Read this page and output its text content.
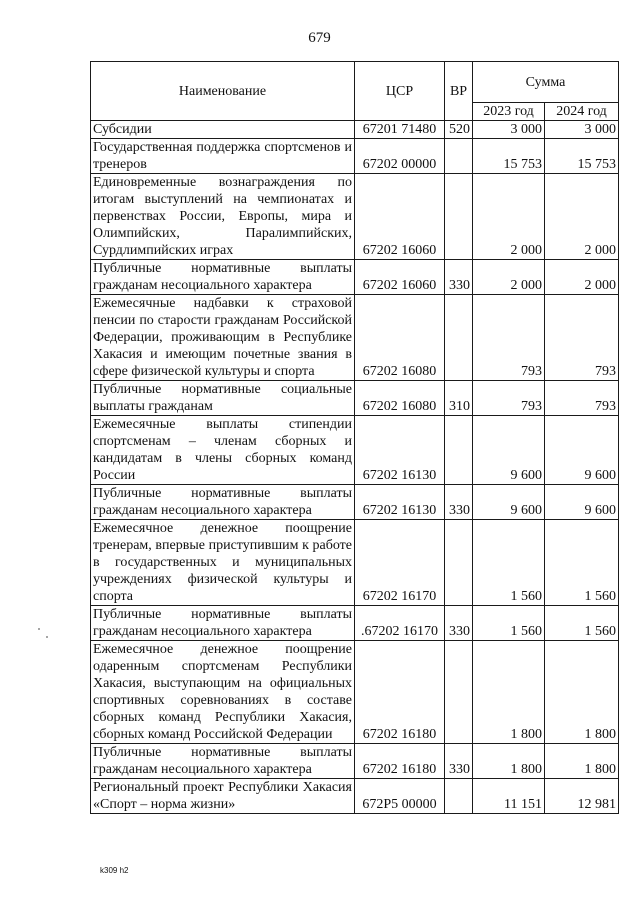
679
Наименование	ЦСР	ВР	Сумма	
			2023 год	2024 год
Субсидии	67201 71480	520	3 000	3 000
Государственная поддержка спортсменов и тренеров	67202 00000		15 753	15 753
Единовременные вознаграждения по итогам выступлений на чемпионатах и первенствах России, Европы, мира и Олимпийских, Паралимпийских, Сурдлимпийских играх	67202 16060		2 000	2 000
Публичные нормативные выплаты гражданам несоциального характера	67202 16060	330	2 000	2 000
Ежемесячные надбавки к страховой пенсии по старости гражданам Российской Федерации, проживающим в Республике Хакасия и имеющим почетные звания в сфере физической культуры и спорта	67202 16080		793	793
Публичные нормативные социальные выплаты гражданам	67202 16080	310	793	793
Ежемесячные выплаты стипендии спортсменам – членам сборных и кандидатам в члены сборных команд России	67202 16130		9 600	9 600
Публичные нормативные выплаты гражданам несоциального характера	67202 16130	330	9 600	9 600
Ежемесячное денежное поощрение тренерам, впервые приступившим к работе в государственных и муниципальных учреждениях физической культуры и спорта	67202 16170		1 560	1 560
Публичные нормативные выплаты гражданам несоциального характера	.67202 16170	330	1 560	1 560
Ежемесячное денежное поощрение одаренным спортсменам Республики Хакасия, выступающим на официальных спортивных соревнованиях в составе сборных команд Республики Хакасия, сборных команд Российской Федерации	67202 16180		1 800	1 800
Публичные нормативные выплаты гражданам несоциального характера	67202 16180	330	1 800	1 800
Региональный проект Республики Хакасия «Спорт – норма жизни»	672P5 00000		11 151	12 981
k309 h2
